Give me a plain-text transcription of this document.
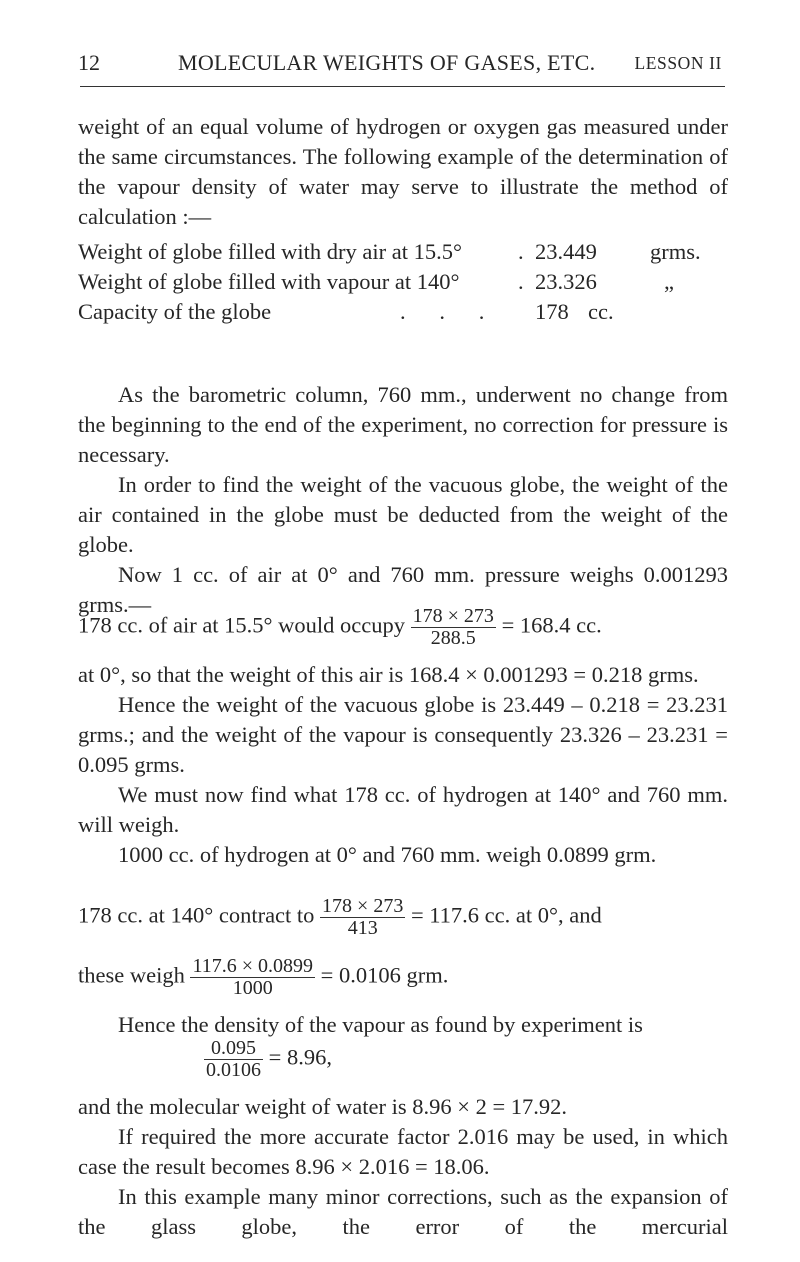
12	MOLECULAR WEIGHTS OF GASES, ETC. LESSON II

weight of an equal volume of hydrogen or oxygen gas measured under the same circumstances. The following example of the determination of the vapour density of water may serve to illustrate the method of calculation :—

Weight of globe filled with dry air at 15.5° . 23.449 grms.
Weight of globe filled with vapour at 140°	. 23.326	„
Capacity of the globe	.      .      . 178 cc.

As the barometric column, 760 mm., underwent no change from the beginning to the end of the experiment, no correction for pressure is necessary.

In order to find the weight of the vacuous globe, the weight of the air contained in the globe must be deducted from the weight of the globe.

Now 1 cc. of air at 0° and 760 mm. pressure weighs 0.001293 grms.—

178 cc. of air at 15.5° would occupy $\frac{178 \times 273}{288.5} = 168.4$ cc.

at 0°, so that the weight of this air is 168.4 × 0.001293 = 0.218 grms.

Hence the weight of the vacuous globe is 23.449 – 0.218 = 23.231 grms.; and the weight of the vapour is consequently 23.326 – 23.231 = 0.095 grms.

We must now find what 178 cc. of hydrogen at 140° and 760 mm. will weigh.

1000 cc. of hydrogen at 0° and 760 mm. weigh 0.0899 grm.

178 cc. at 140° contract to $\frac{178 \times 273}{413} = 117.6$ cc. at 0°, and
these weigh $\frac{117.6 \times 0.0899}{1000} = 0.0106$ grm.

Hence the density of the vapour as found by experiment is

$\frac{0.095}{0.0106} = 8.96$,

and the molecular weight of water is 8.96 × 2 = 17.92.

If required the more accurate factor 2.016 may be used, in which case the result becomes 8.96 × 2.016 = 18.06.

In this example many minor corrections, such as the expansion of the glass globe, the error of the mercurial
